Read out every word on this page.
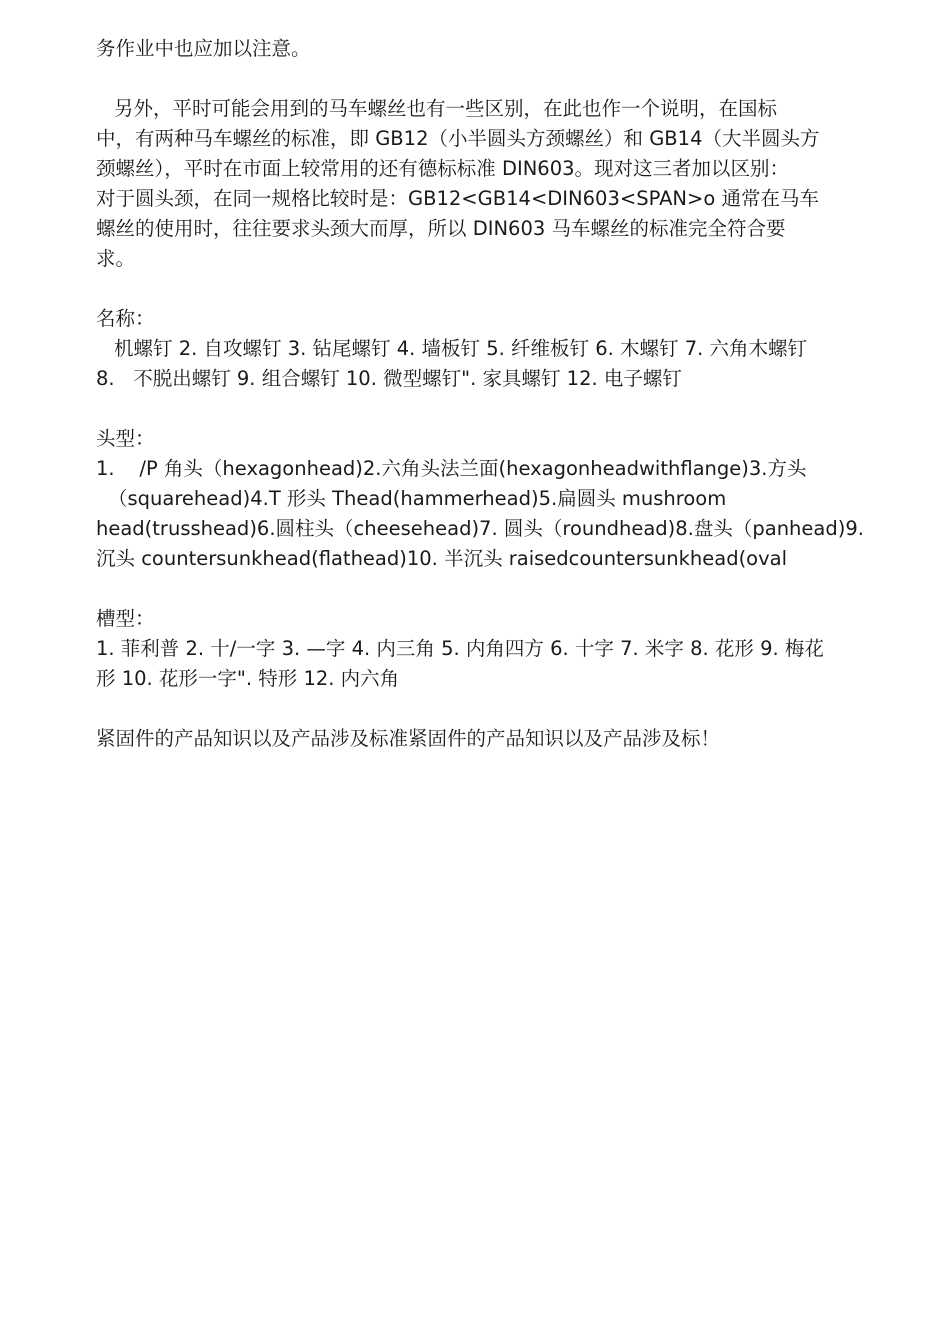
务作业中也应加以注意。
另外，平时可能会用到的马车螺丝也有一些区别，在此也作一个说明，在国标
中，有两种马车螺丝的标准，即 GB12（小半圆头方颈螺丝）和 GB14（大半圆头方
颈螺丝），平时在市面上较常用的还有德标标准 DIN603。现对这三者加以区别：
对于圆头颈，在同一规格比较时是：GB12<GB14<DIN603<SPAN>o 通常在马车
螺丝的使用时，往往要求头颈大而厚，所以 DIN603 马车螺丝的标准完全符合要
求。
名称：
机螺钉 2. 自攻螺钉 3. 钻尾螺钉 4. 墙板钉 5. 纤维板钉 6. 木螺钉 7. 六角木螺钉
8.   不脱出螺钉 9. 组合螺钉 10. 微型螺钉". 家具螺钉 12. 电子螺钉
头型：
1.    /P 角头（hexagonhead)2.六角头法兰面(hexagonheadwithflange)3.方头
（squarehead)4.T 形头 Thead(hammerhead)5.扁圆头 mushroom
head(trusshead)6.圆柱头（cheesehead)7. 圆头（roundhead)8.盘头（panhead)9.
沉头 countersunkhead(flathead)10. 半沉头 raisedcountersunkhead(oval
槽型：
1. 菲利普 2. 十/一字 3. —字 4. 内三角 5. 内角四方 6. 十字 7. 米字 8. 花形 9. 梅花
形 10. 花形一字". 特形 12. 内六角
紧固件的产品知识以及产品涉及标准紧固件的产品知识以及产品涉及标！
